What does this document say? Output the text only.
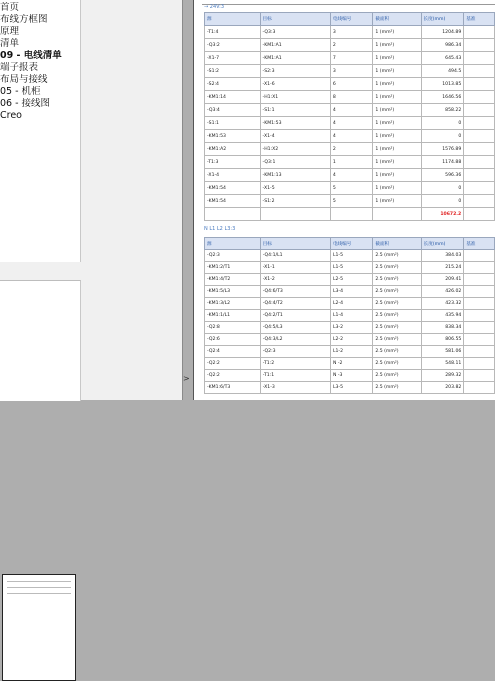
首页
布线方框图
原理
清单
09 - 电线清单
端子报表
布局与接线
05 - 机柜
06 - 接线图
Creo
>
→ 24V:3
源	目标	电线编号	截面积	长度(mm)	基准
-T1:4	-Q3:3	3	1 (mm²)	1204.89	
-Q3:2	-KM1:A1	2	1 (mm²)	986.34	
-X1-7	-KM1:A1	7	1 (mm²)	645.43	
-S1:2	-S2:3	3	1 (mm²)	494.5	
-S2:4	-X1-6	6	1 (mm²)	1013.85	
-KM1:14	-H1:X1	8	1 (mm²)	1646.56	
-Q3:4	-S1:1	4	1 (mm²)	858.22	
-S1:1	-KM1:53	4	1 (mm²)	0	
-KM1:53	-X1-4	4	1 (mm²)	0	
-KM1:A2	-H1:X2	2	1 (mm²)	1576.89	
-T1:3	-Q3:1	1	1 (mm²)	1174.88	
-X1-4	-KM1:13	4	1 (mm²)	596.36	
-KM1:54	-X1-5	5	1 (mm²)	0	
-KM1:54	-S1:2	5	1 (mm²)	0	
				10672.2	
N L1 L2 L3:3
源	目标	电线编号	截面积	长度(mm)	基准
-Q2:3	-Q4:1/L1	L1-5	2.5 (mm²)	384.03	
-KM1:2/T1	-X1-1	L1-5	2.5 (mm²)	215.24	
-KM1:4/T2	-X1-2	L2-5	2.5 (mm²)	209.41	
-KM1:5/L3	-Q4:6/T3	L3-4	2.5 (mm²)	426.02	
-KM1:3/L2	-Q4:4/T2	L2-4	2.5 (mm²)	423.32	
-KM1:1/L1	-Q4:2/T1	L1-4	2.5 (mm²)	435.94	
-Q2:8	-Q4:5/L3	L3-2	2.5 (mm²)	838.34	
-Q2:6	-Q4:3/L2	L2-2	2.5 (mm²)	806.55	
-Q2:4	-Q2:3	L1-2	2.5 (mm²)	581.06	
-Q2:2	-T1:2	N -2	2.5 (mm²)	548.11	
-Q2:2	-T1:1	N -3	2.5 (mm²)	289.32	
-KM1:6/T3	-X1-3	L3-5	2.5 (mm²)	203.82	
